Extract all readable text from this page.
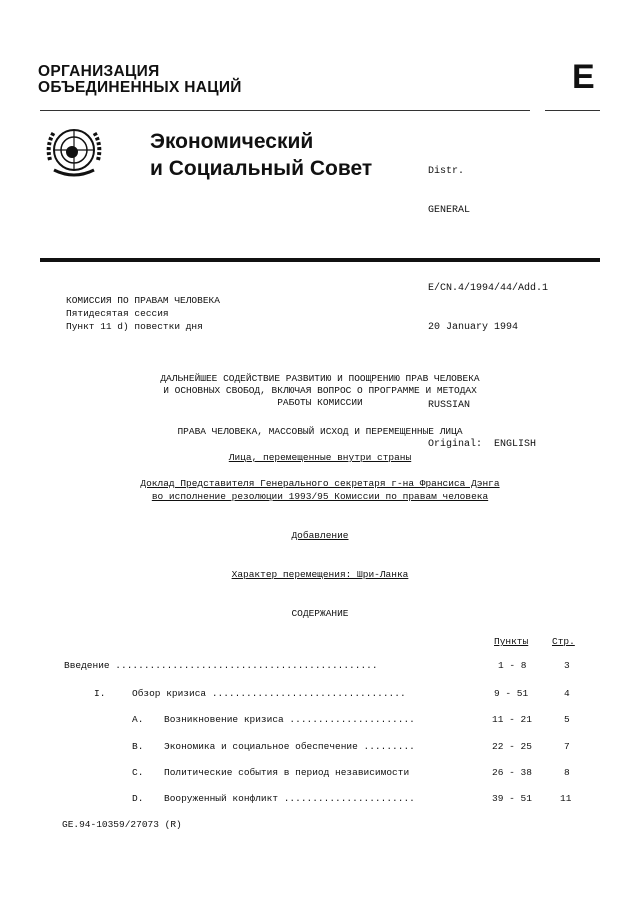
ОРГАНИЗАЦИЯ
ОБЪЕДИНЕННЫХ НАЦИЙ	E
Экономический
и Социальный Совет

	Distr.

GENERAL

E/CN.4/1994/44/Add.1

20 January 1994

RUSSIAN

Original:  ENGLISH

КОМИССИЯ ПО ПРАВАМ ЧЕЛОВЕКА
Пятидесятая сессия
Пункт 11 d) повестки дня
ДАЛЬНЕЙШЕЕ СОДЕЙСТВИЕ РАЗВИТИЮ И ПООЩРЕНИЮ ПРАВ ЧЕЛОВЕКА
И ОСНОВНЫХ СВОБОД, ВКЛЮЧАЯ ВОПРОС О ПРОГРАММЕ И МЕТОДАХ
РАБОТЫ КОМИССИИ
ПРАВА ЧЕЛОВЕКА, МАССОВЫЙ ИСХОД И ПЕРЕМЕЩЕННЫЕ ЛИЦА
Лица, перемещенные внутри страны
Доклад Представителя Генерального секретаря г-на Франсиса Дэнга
во исполнение резолюции 1993/95 Комиссии по правам человека
Добавление
Характер перемещения: Шри-Ланка
СОДЕРЖАНИЕ
Пункты	Стр.
Введение ..............................................	1 - 8	3
I.	Обзор кризиса ..................................	9 - 51	4
A. Возникновение кризиса ......................	11 - 21	5
B. Экономика и социальное обеспечение .........	22 - 25	7
C. Политические события в период независимости	26 - 38	8
D. Вооруженный конфликт .......................	39 - 51	11
GE.94-10359/27073 (R)
